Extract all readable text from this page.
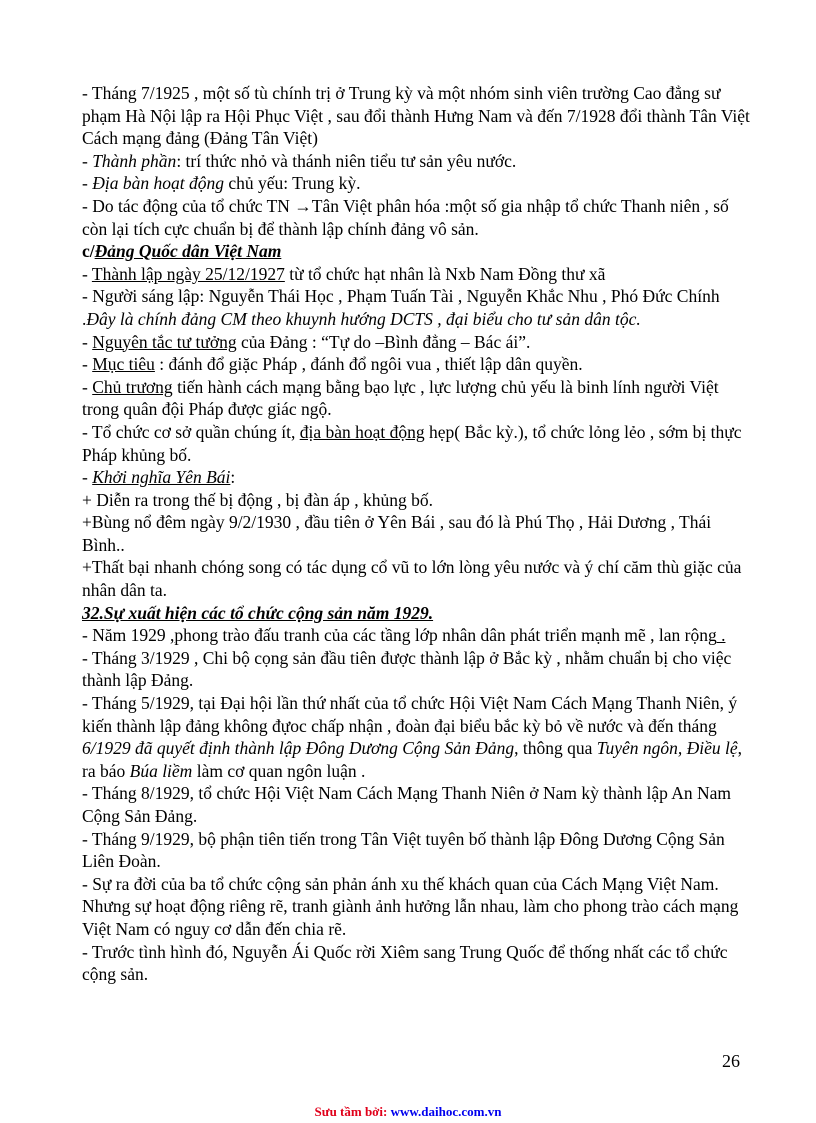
- Tháng 7/1925 , một số tù chính trị ở Trung kỳ và một nhóm sinh viên trường Cao đẳng sư phạm Hà Nội lập ra Hội Phục Việt , sau đổi thành Hưng Nam và đến 7/1928 đổi thành Tân Việt Cách mạng đảng (Đảng Tân Việt)

- Thành phần: trí thức nhỏ và thánh niên tiểu tư sản yêu nước.

- Địa bàn hoạt động chủ yếu: Trung kỳ.

- Do tác động của tổ chức TN →Tân Việt phân hóa :một số gia nhập tổ chức Thanh niên , số còn lại tích cực chuẩn bị để thành lập chính đảng vô sản.

c/Đảng Quốc dân Việt Nam

- Thành lập ngày 25/12/1927 từ tổ chức hạt nhân là Nxb Nam Đồng thư xã

- Người sáng lập: Nguyễn Thái Học , Phạm Tuấn Tài , Nguyễn Khắc Nhu , Phó Đức Chính .Đây là chính đảng CM theo khuynh hướng DCTS , đại biểu cho tư sản dân tộc.

- Nguyên tắc tư tưởng của Đảng : “Tự do –Bình đẳng – Bác ái”.

- Mục tiêu : đánh đổ giặc Pháp , đánh đổ ngôi vua , thiết lập dân quyền.

- Chủ trương tiến hành cách mạng bằng bạo lực , lực lượng chủ yếu là binh lính người Việt trong quân đội Pháp được giác ngộ.

- Tổ chức cơ sở quần chúng ít, địa bàn hoạt động hẹp( Bắc kỳ.), tổ chức lỏng lẻo , sớm bị thực Pháp khủng bố.

- Khởi nghĩa Yên Bái:

+ Diễn ra trong thế bị động , bị đàn áp , khủng bố.

+Bùng nổ đêm ngày 9/2/1930 , đầu tiên ở Yên Bái , sau đó là Phú Thọ , Hải Dương , Thái Bình..

+Thất bại nhanh chóng song có tác dụng cổ vũ to lớn lòng yêu nước và ý chí căm thù giặc của nhân dân ta.

32.Sự xuất hiện các tổ chức cộng sản năm 1929.

- Năm 1929 ,phong trào đấu tranh của các tầng lớp nhân dân phát triển mạnh mẽ , lan rộng .

- Tháng 3/1929 , Chi bộ cọng sản đầu tiên được thành lập ở Bắc kỳ , nhằm chuẩn bị cho việc thành lập Đảng.

- Tháng 5/1929, tại Đại hội lần thứ nhất của tổ chức Hội Việt Nam Cách Mạng Thanh Niên, ý kiến thành lập đảng không đựoc chấp nhận , đoàn đại biểu bắc kỳ bỏ về nước và đến tháng 6/1929 đã quyết định thành lập Đông Dương Cộng Sản Đảng, thông qua Tuyên ngôn, Điều lệ, ra báo Búa liềm làm cơ quan ngôn luận .

- Tháng 8/1929, tổ chức Hội Việt Nam Cách Mạng Thanh Niên ở Nam kỳ thành lập An Nam Cộng Sản Đảng.

- Tháng 9/1929, bộ phận tiên tiến trong Tân Việt tuyên bố thành lập Đông Dương Cộng Sản Liên Đoàn.

- Sự ra đời của ba tổ chức cộng sản phản ánh xu thế khách quan của Cách Mạng Việt Nam. Nhưng sự hoạt động riêng rẽ, tranh giành ảnh hưởng lẫn nhau, làm cho phong trào cách mạng Việt Nam có nguy cơ dẫn đến chia rẽ.

- Trước tình hình đó, Nguyễn Ái Quốc rời Xiêm sang Trung Quốc để thống nhất các tổ chức cộng sản.

26
Sưu tầm bởi: www.daihoc.com.vn
